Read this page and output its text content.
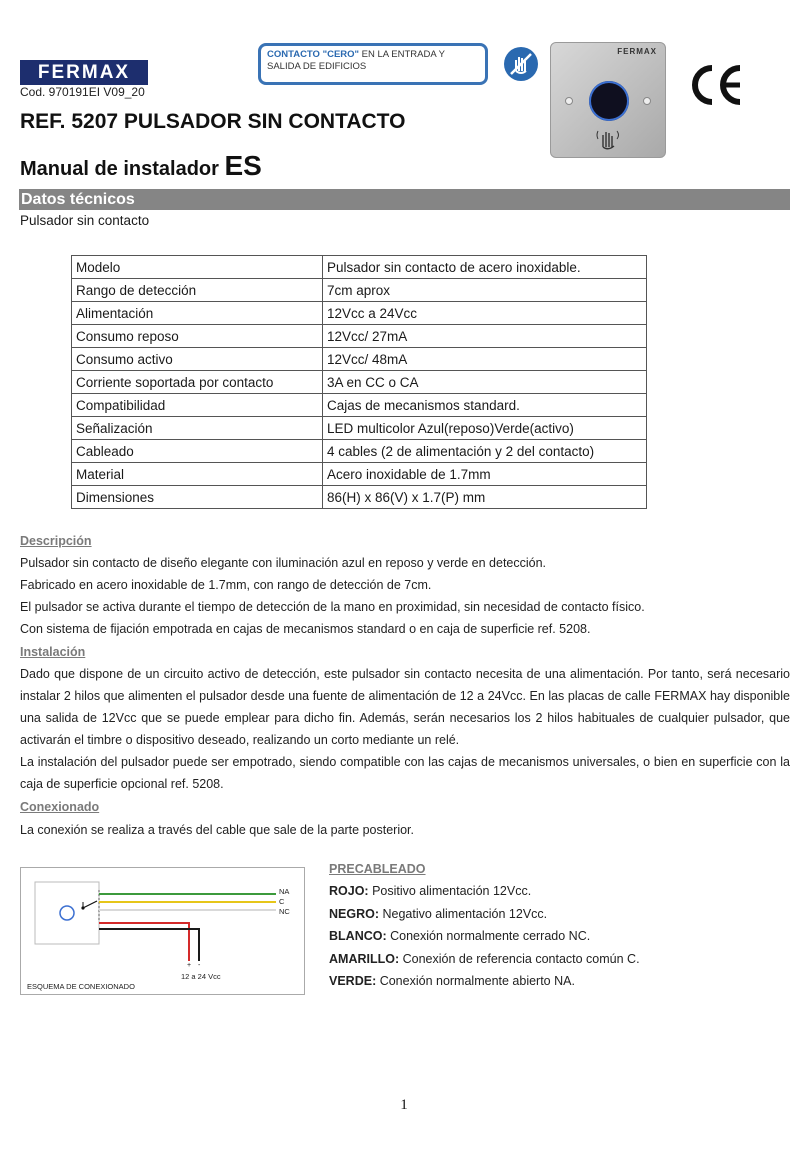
FERMAX
Cod. 970191EI V09_20
CONTACTO "CERO" EN LA ENTRADA Y SALIDA DE EDIFICIOS
FERMAX
REF. 5207 PULSADOR SIN CONTACTO
Manual de instalador ES
Datos técnicos
Pulsador sin contacto
Modelo	Pulsador sin contacto de acero inoxidable.
Rango de detección	7cm aprox
Alimentación	12Vcc a 24Vcc
Consumo reposo	12Vcc/ 27mA
Consumo activo	12Vcc/ 48mA
Corriente soportada por contacto	3A en CC o CA
Compatibilidad	Cajas de mecanismos standard.
Señalización	LED multicolor Azul(reposo)Verde(activo)
Cableado	4 cables (2 de alimentación y 2 del contacto)
Material	Acero inoxidable de 1.7mm
Dimensiones	86(H) x 86(V) x 1.7(P) mm
Descripción
Pulsador sin contacto de diseño elegante con iluminación azul en reposo y verde en detección.
Fabricado en acero inoxidable de 1.7mm, con rango de detección de 7cm.
El pulsador se activa durante el tiempo de detección de la mano en proximidad, sin necesidad de contacto físico.
Con sistema de fijación empotrada en cajas de mecanismos standard o en caja de superficie ref. 5208.
Instalación
Dado que dispone de un circuito activo de detección, este pulsador sin contacto necesita de una alimentación. Por tanto, será necesario instalar 2 hilos que alimenten el pulsador desde una fuente de alimentación de 12 a 24Vcc. En las placas de calle FERMAX hay disponible una salida de 12Vcc que se puede emplear para dicho fin. Además, serán necesarios los 2 hilos habituales de cualquier pulsador, que activarán el timbre o dispositivo deseado, realizando un corto mediante un relé.
La instalación del pulsador puede ser empotrado, siendo compatible con las cajas de mecanismos universales, o bien en superficie con la caja de superficie opcional ref. 5208.
Conexionado
La conexión se realiza a través del cable que sale de la parte posterior.
NA
C
NC
+ -
12 a 24 Vcc
ESQUEMA DE CONEXIONADO
PRECABLEADO
ROJO: Positivo alimentación 12Vcc.
NEGRO: Negativo alimentación 12Vcc.
BLANCO: Conexión normalmente cerrado NC.
AMARILLO: Conexión de referencia contacto común C.
VERDE: Conexión normalmente abierto NA.
1
